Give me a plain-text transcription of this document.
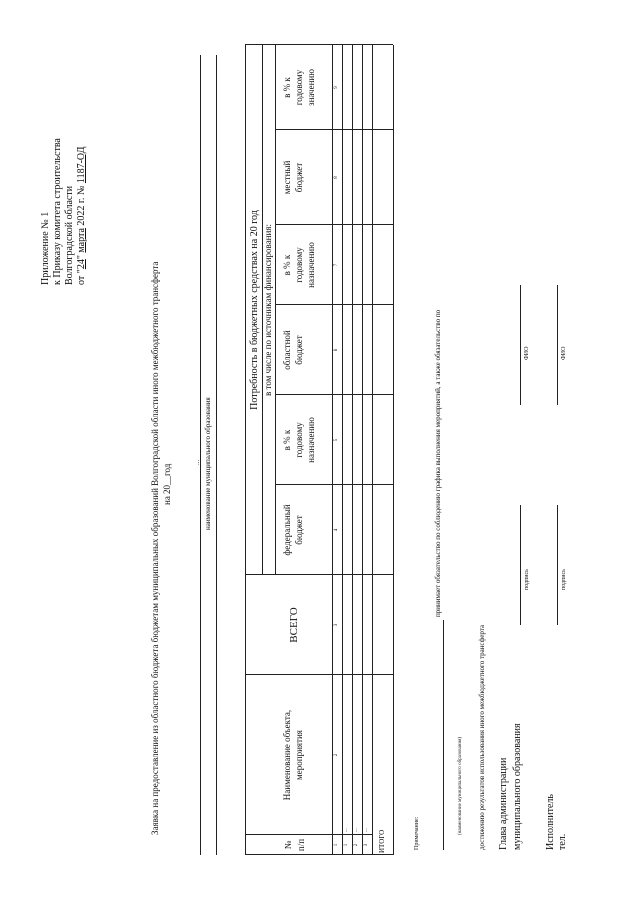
Приложение № 1 к Приказу комитета строительства Волгоградской области от "24" марта 2022 г. № 1187-ОД
Заявка на предоставление из областного бюджета бюджетам муниципальных образований Волгоградской области иного межбюджетного трансферта на 20__год
... наименование муниципального образования
№ п/п
Наименование объекта, мероприятия
ВСЕГО
Потребность в бюджетных средствах на 20 год в том числе по источникам финансирования:
федеральный бюджет
в % к годовому назначению
областной бюджет
в % к годовому назначению
местный бюджет
в % к годовому значению
1
2
3
4
5
6
7
8
9
1
...
2
...
3
... ИТОГО	Примечание:
принимает обязательство по соблюдению графика выполнения мероприятий, а также обязательство по
(наименование муниципального образования) достижению результатов использования иного межбюджетного трансферта Глава администрации муниципального образования
подпись
ФИО
Исполнитель тел.
подпись
ФИО
